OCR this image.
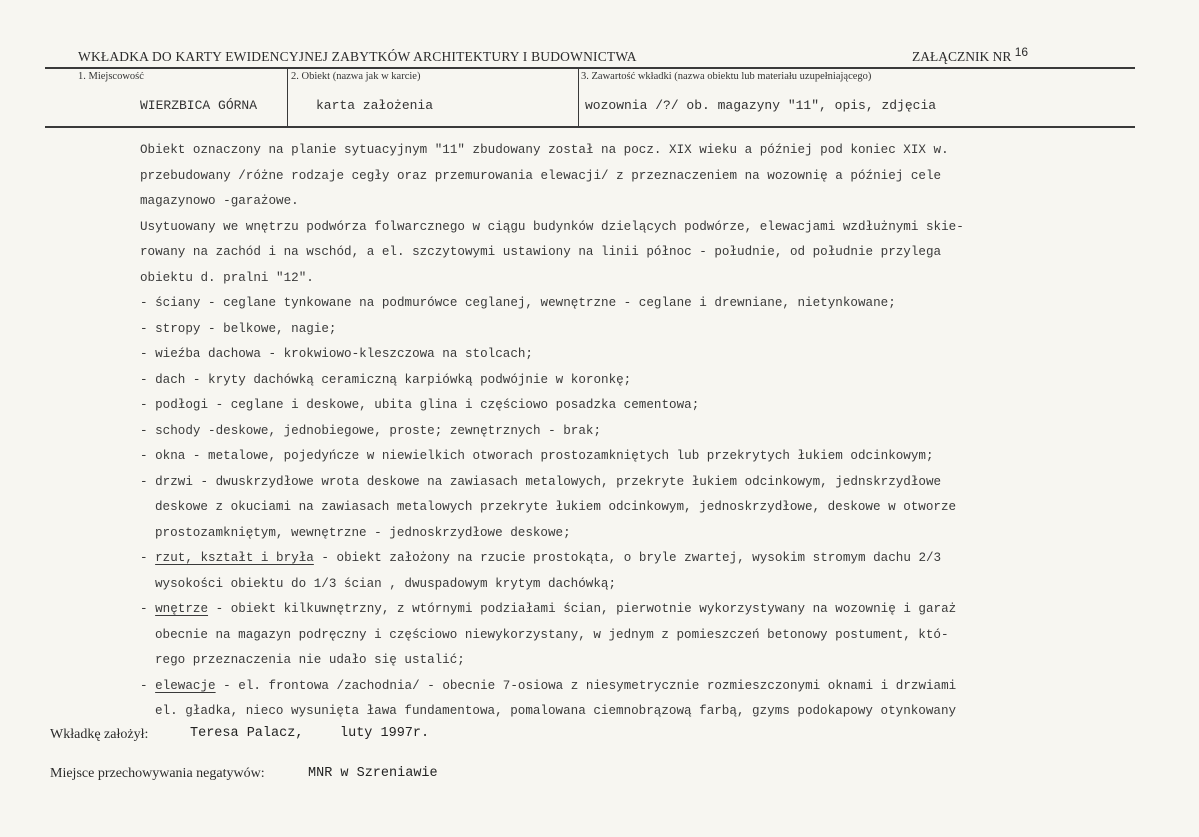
WKŁADKA DO KARTY EWIDENCYJNEJ ZABYTKÓW ARCHITEKTURY I BUDOWNICTWA	ZAŁĄCZNIK NR 16
1. Miejscowość
WIERZBICA GÓRNA
2. Obiekt (nazwa jak w karcie)
karta założenia
3. Zawartość wkładki (nazwa obiektu lub materiału uzupełniającego)
wozownia /?/ ob. magazyny "11", opis, zdjęcia
Obiekt oznaczony na planie sytuacyjnym "11" zbudowany został na pocz. XIX wieku a później pod koniec XIX w.
przebudowany /różne rodzaje cegły oraz przemurowania elewacji/ z przeznaczeniem na wozownię a później cele
magazynowo -garażowe.
Usytuowany we wnętrzu podwórza folwarcznego w ciągu budynków dzielących podwórze, elewacjami wzdłużnymi skie-
rowany na zachód i na wschód, a el. szczytowymi ustawiony na linii północ - południe, od południe przylega
obiektu d. pralni "12".
- ściany - ceglane tynkowane na podmurówce ceglanej, wewnętrzne - ceglane i drewniane, nietynkowane;
- stropy - belkowe, nagie;
- wieźba dachowa - krokwiowo-kleszczowa na stolcach;
- dach - kryty dachówką ceramiczną karpiówką podwójnie w koronkę;
- podłogi - ceglane i deskowe, ubita glina i częściowo posadzka cementowa;
- schody -deskowe, jednobiegowe, proste; zewnętrznych - brak;
- okna - metalowe, pojedyńcze w niewielkich otworach prostozamkniętych lub przekrytych łukiem odcinkowym;
- drzwi - dwuskrzydłowe wrota deskowe na zawiasach metalowych, przekryte łukiem odcinkowym, jednskrzydłowe
deskowe z okuciami na zawiasach metalowych przekryte łukiem odcinkowym, jednoskrzydłowe, deskowe w otworze
prostozamkniętym, wewnętrzne - jednoskrzydłowe deskowe;
- rzut, kształt i bryła - obiekt założony na rzucie prostokąta, o bryle zwartej, wysokim stromym dachu 2/3
wysokości obiektu do 1/3 ścian , dwuspadowym krytym dachówką;
- wnętrze - obiekt kilkuwnętrzny, z wtórnymi podziałami ścian, pierwotnie wykorzystywany na wozownię i garaż
obecnie na magazyn podręczny i częściowo niewykorzystany, w jednym z pomieszczeń betonowy postument, któ-
rego przeznaczenia nie udało się ustalić;
- elewacje - el. frontowa /zachodnia/ - obecnie 7-osiowa z niesymetrycznie rozmieszczonymi oknami i drzwiami
el. gładka, nieco wysunięta ława fundamentowa, pomalowana ciemnobrązową farbą, gzyms podokapowy otynkowany
Wkładkę założył:	Teresa Palacz,	luty 1997r.
Miejsce przechowywania negatywów:	MNR w Szreniawie
